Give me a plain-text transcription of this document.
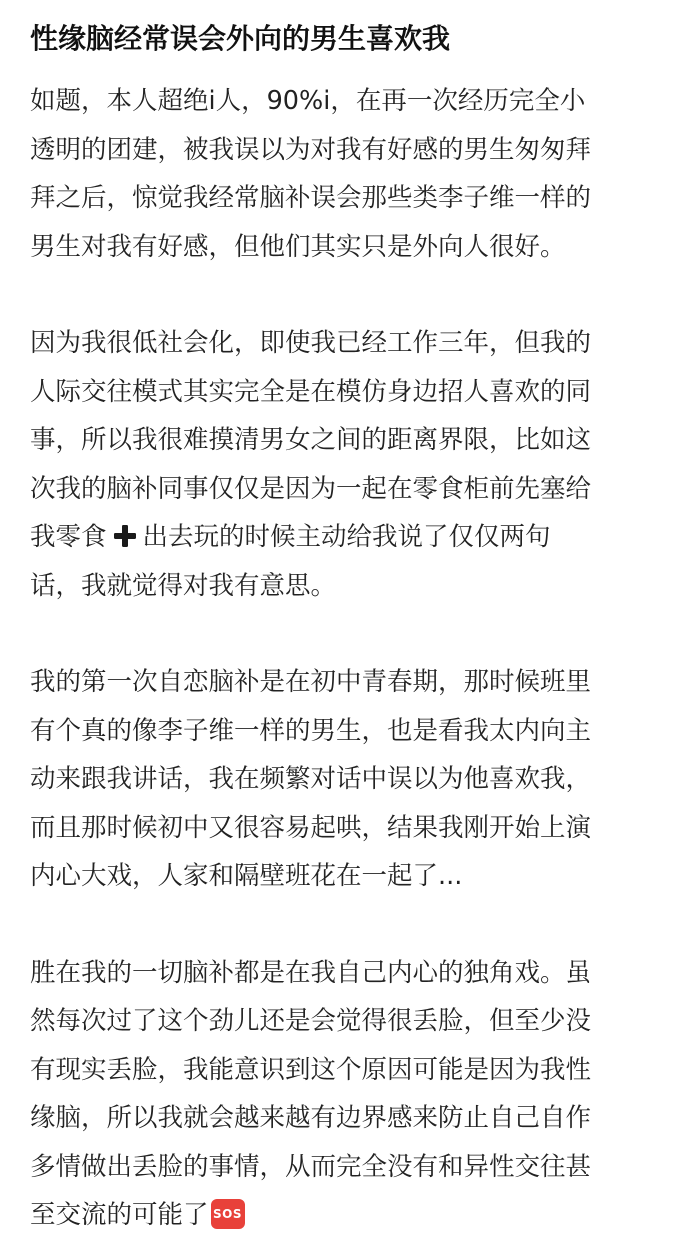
性缘脑经常误会外向的男生喜欢我

如题，本人超绝i人，90%i，在再一次经历完全小
透明的团建，被我误以为对我有好感的男生匆匆拜
拜之后，惊觉我经常脑补误会那些类李子维一样的
男生对我有好感，但他们其实只是外向人很好。

因为我很低社会化，即使我已经工作三年，但我的
人际交往模式其实完全是在模仿身边招人喜欢的同
事，所以我很难摸清男女之间的距离界限，比如这
次我的脑补同事仅仅是因为一起在零食柜前先塞给
我零食 出去玩的时候主动给我说了仅仅两句
话，我就觉得对我有意思。

我的第一次自恋脑补是在初中青春期，那时候班里
有个真的像李子维一样的男生，也是看我太内向主
动来跟我讲话，我在频繁对话中误以为他喜欢我，
而且那时候初中又很容易起哄，结果我刚开始上演
内心大戏，人家和隔壁班花在一起了...

胜在我的一切脑补都是在我自己内心的独角戏。虽
然每次过了这个劲儿还是会觉得很丢脸，但至少没
有现实丢脸，我能意识到这个原因可能是因为我性
缘脑，所以我就会越来越有边界感来防止自己自作
多情做出丢脸的事情，从而完全没有和异性交往甚
至交流的可能了 SOS
